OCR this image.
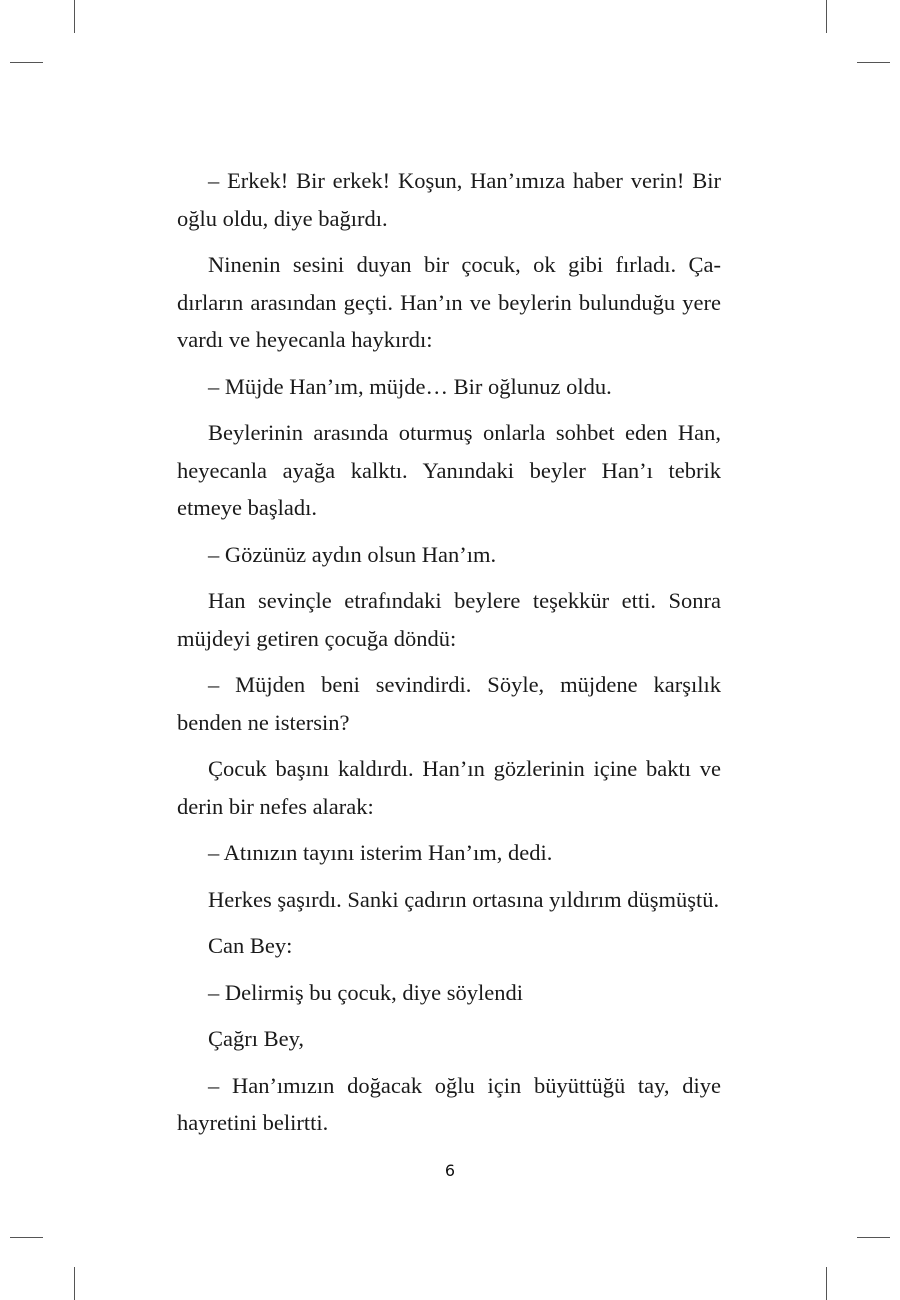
– Erkek! Bir erkek! Koşun, Han’ımıza haber verin! Bir oğlu oldu, diye bağırdı.

Ninenin sesini duyan bir çocuk, ok gibi fırladı. Çadırların arasından geçti. Han’ın ve beylerin bulunduğu yere vardı ve heyecanla haykırdı:

– Müjde Han’ım, müjde… Bir oğlunuz oldu.

Beylerinin arasında oturmuş onlarla sohbet eden Han, heyecanla ayağa kalktı. Yanındaki beyler Han’ı tebrik etmeye başladı.

– Gözünüz aydın olsun Han’ım.

Han sevinçle etrafındaki beylere teşekkür etti. Sonra müjdeyi getiren çocuğa döndü:

– Müjden beni sevindirdi. Söyle, müjdene karşılık benden ne istersin?

Çocuk başını kaldırdı. Han’ın gözlerinin içine baktı ve derin bir nefes alarak:

– Atınızın tayını isterim Han’ım, dedi.

Herkes şaşırdı. Sanki çadırın ortasına yıldırım düşmüştü.

Can Bey:

– Delirmiş bu çocuk, diye söylendi

Çağrı Bey,

– Han’ımızın doğacak oğlu için büyüttüğü tay, diye hayretini belirtti.

6
